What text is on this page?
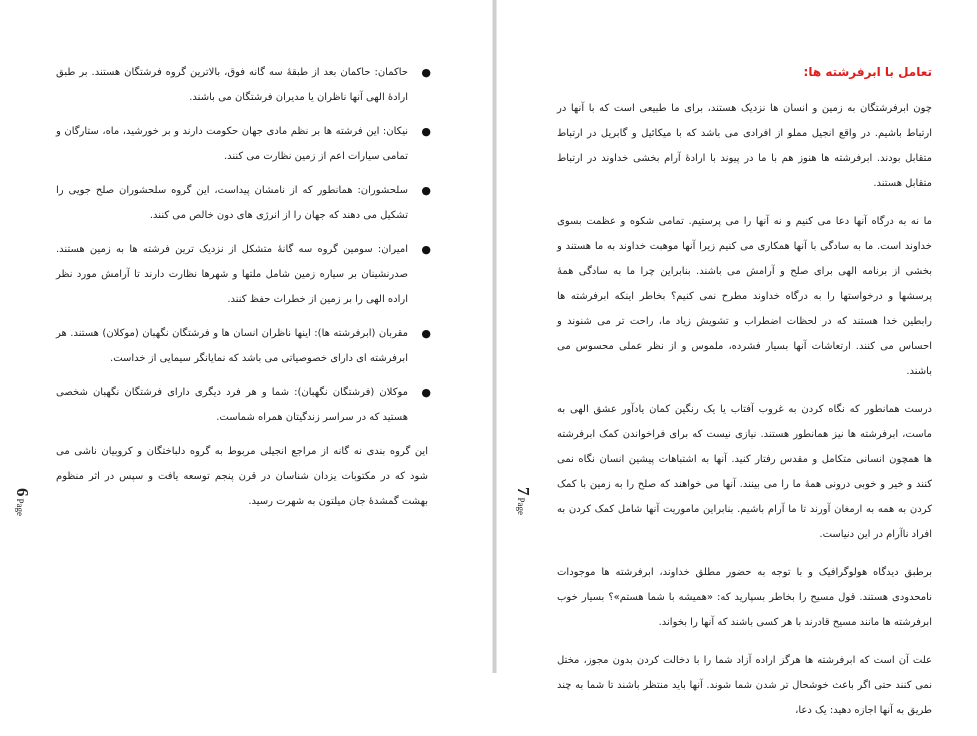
6Page
●
حاکمان: حاکمان بعد از طبقهٔ سه گانه فوق، بالاترین گروه فرشتگان هستند. بر طبق ارادهٔ الهی آنها ناظران یا مدیران فرشتگان می باشند.
●
نیکان: این فرشته ها بر نظم مادی جهان حکومت دارند و بر خورشید، ماه، ستارگان و تمامی سیارات اعم از زمین نظارت می کنند.
●
سلحشوران: همانطور که از نامشان پیداست، این گروه سلحشوران صلح جویی را تشکیل می دهند که جهان را از انرژی های دون خالص می کنند.
●
امیران: سومین گروه سه گانهٔ متشکل از نزدیک ترین فرشته ها به زمین هستند. صدرنشینان بر سیاره زمین شامل ملتها و شهرها نظارت دارند تا آرامش مورد نظر اراده الهی را بر زمین از خطرات حفظ کنند.
●
مقربان (ابرفرشته ها): اینها ناظران انسان ها و فرشتگان نگهبان (موکلان) هستند. هر ابرفرشته ای دارای خصوصیاتی می باشد که نمایانگر سیمایی از خداست.
●
موکلان (فرشتگان نگهبان): شما و هر فرد دیگری دارای فرشتگان نگهبان شخصی هستید که در سراسر زندگیتان همراه شماست.

این گروه بندی نه گانه از مراجع انجیلی مربوط به گروه دلباختگان و کروبیان ناشی می شود که در مکتوبات یزدان شناسان در قرن پنجم توسعه یافت و سپس در اثر منظوم بهشت گمشدهٔ جان میلتون به شهرت رسید.

7Page
تعامل با ابرفرشته ها:

چون ابرفرشتگان به زمین و انسان ها نزدیک هستند، برای ما طبیعی است که با آنها در ارتباط باشیم. در واقع انجیل مملو از افرادی می باشد که با میکائیل و گابریل در ارتباط متقابل بودند. ابرفرشته ها هنوز هم با ما در پیوند با ارادهٔ آرام بخشی خداوند در ارتباط متقابل هستند.

ما نه به درگاه آنها دعا می کنیم و نه آنها را می پرستیم. تمامی شکوه و عظمت بسوی خداوند است. ما به سادگی با آنها همکاری می کنیم زیرا آنها موهبت خداوند به ما هستند و بخشی از برنامه الهی برای صلح و آرامش می باشند. بنابراین چرا ما به سادگی همهٔ پرسشها و درخواستها را به درگاه خداوند مطرح نمی کنیم؟ بخاطر اینکه ابرفرشته ها رابطین خدا هستند که در لحظات اضطراب و تشویش زیاد ما، راحت تر می شنوند و احساس می کنند. ارتعاشات آنها بسیار فشرده، ملموس و از نظر عملی محسوس می باشند.

درست همانطور که نگاه کردن به غروب آفتاب یا یک رنگین کمان یادآور عشق الهی به ماست، ابرفرشته ها نیز همانطور هستند. نیازی نیست که برای فراخواندن کمک ابرفرشته ها همچون انسانی متکامل و مقدس رفتار کنید. آنها به اشتباهات پیشین انسان نگاه نمی کنند و خیر و خوبی درونی همهٔ ما را می بینند. آنها می خواهند که صلح را به زمین با کمک کردن به همه به ارمغان آورند تا ما آرام باشیم. بنابراین ماموریت آنها شامل کمک کردن به افراد ناآرام در این دنیاست.

برطبق دیدگاه هولوگرافیک و با توجه به حضور مطلق خداوند، ابرفرشته ها موجودات نامحدودی هستند. قول مسیح را بخاطر بسپارید که: «همیشه با شما هستم»؟ بسیار خوب ابرفرشته ها مانند مسیح قادرند با هر کسی باشند که آنها را بخواند.

علت آن است که ابرفرشته ها هرگز اراده آزاد شما را با دخالت کردن بدون مجوز، مختل نمی کنند حتی اگر باعث خوشحال تر شدن شما شوند. آنها باید منتظر باشند تا شما به چند طریق به آنها اجازه دهید: یک دعا،
